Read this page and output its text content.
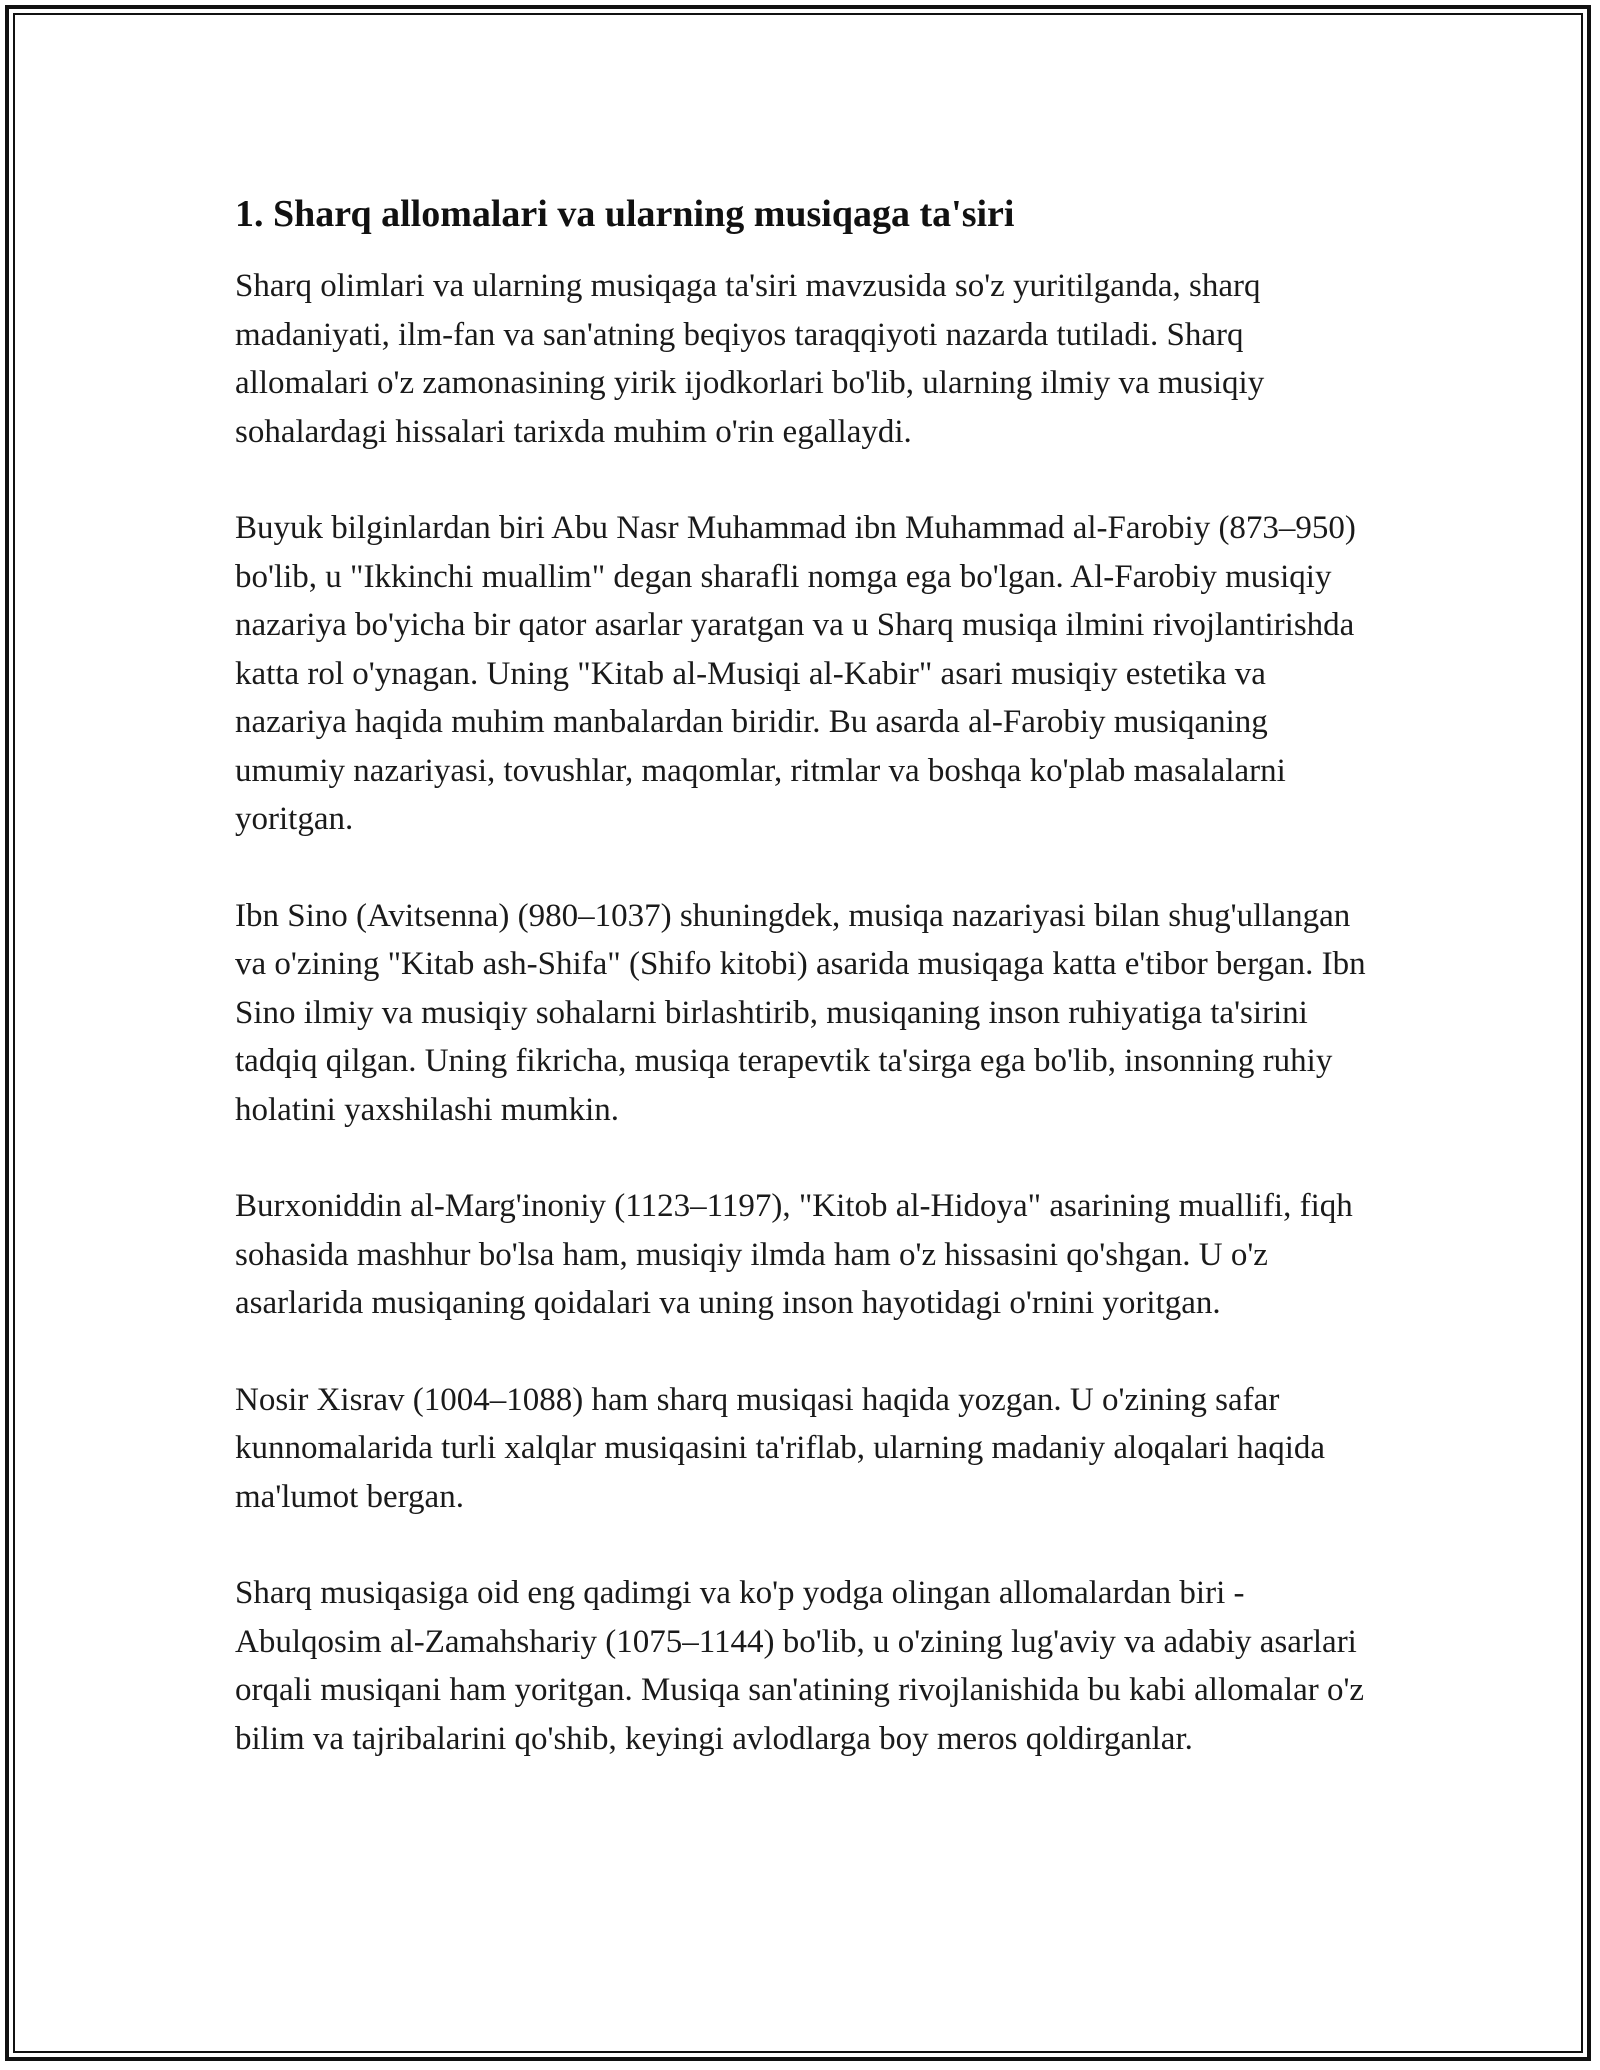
1. Sharq allomalari va ularning musiqaga ta'siri

Sharq olimlari va ularning musiqaga ta'siri mavzusida so'z yuritilganda, sharq madaniyati, ilm-fan va san'atning beqiyos taraqqiyoti nazarda tutiladi. Sharq allomalari o'z zamonasining yirik ijodkorlari bo'lib, ularning ilmiy va musiqiy sohalardagi hissalari tarixda muhim o'rin egallaydi.

Buyuk bilginlardan biri Abu Nasr Muhammad ibn Muhammad al-Farobiy (873–950) bo'lib, u "Ikkinchi muallim" degan sharafli nomga ega bo'lgan. Al-Farobiy musiqiy nazariya bo'yicha bir qator asarlar yaratgan va u Sharq musiqa ilmini rivojlantirishda katta rol o'ynagan. Uning "Kitab al-Musiqi al-Kabir" asari musiqiy estetika va nazariya haqida muhim manbalardan biridir. Bu asarda al-Farobiy musiqaning umumiy nazariyasi, tovushlar, maqomlar, ritmlar va boshqa ko'plab masalalarni yoritgan.

Ibn Sino (Avitsenna) (980–1037) shuningdek, musiqa nazariyasi bilan shug'ullangan va o'zining "Kitab ash-Shifa" (Shifo kitobi) asarida musiqaga katta e'tibor bergan. Ibn Sino ilmiy va musiqiy sohalarni birlashtirib, musiqaning inson ruhiyatiga ta'sirini tadqiq qilgan. Uning fikricha, musiqa terapevtik ta'sirga ega bo'lib, insonning ruhiy holatini yaxshilashi mumkin.

Burxoniddin al-Marg'inoniy (1123–1197), "Kitob al-Hidoya" asarining muallifi, fiqh sohasida mashhur bo'lsa ham, musiqiy ilmda ham o'z hissasini qo'shgan. U o'z asarlarida musiqaning qoidalari va uning inson hayotidagi o'rnini yoritgan.

Nosir Xisrav (1004–1088) ham sharq musiqasi haqida yozgan. U o'zining safar kunnomalarida turli xalqlar musiqasini ta'riflab, ularning madaniy aloqalari haqida ma'lumot bergan.

Sharq musiqasiga oid eng qadimgi va ko'p yodga olingan allomalardan biri - Abulqosim al-Zamahshariy (1075–1144) bo'lib, u o'zining lug'aviy va adabiy asarlari orqali musiqani ham yoritgan. Musiqa san'atining rivojlanishida bu kabi allomalar o'z bilim va tajribalarini qo'shib, keyingi avlodlarga boy meros qoldirganlar.
